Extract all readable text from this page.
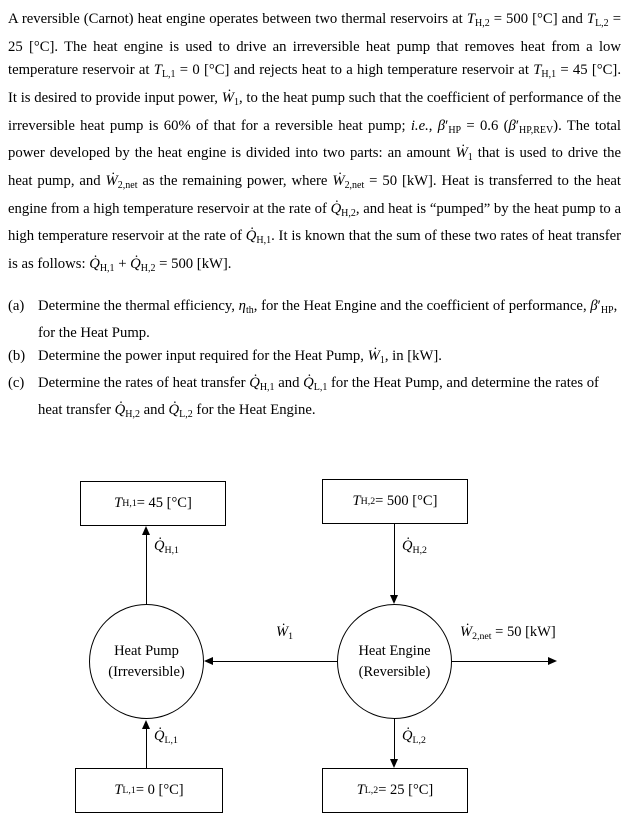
A reversible (Carnot) heat engine operates between two thermal reservoirs at $T_{H,2} = 500$ [°C] and $T_{L,2} = 25$ [°C]. The heat engine is used to drive an irreversible heat pump that removes heat from a low temperature reservoir at $T_{L,1} = 0$ [°C] and rejects heat to a high temperature reservoir at $T_{H,1} = 45$ [°C]. It is desired to provide input power, $Ẇ_1$, to the heat pump such that the coefficient of performance of the irreversible heat pump is 60% of that for a reversible heat pump; i.e., $\beta'_{HP} = 0.6$ $(\beta'_{HP,REV})$. The total power developed by the heat engine is divided into two parts: an amount $Ẇ_1$ that is used to drive the heat pump, and $Ẇ_{2,net}$ as the remaining power, where $Ẇ_{2,net} = 50$ [kW]. Heat is transferred to the heat engine from a high temperature reservoir at the rate of $Q̇_{H,2}$, and heat is “pumped” by the heat pump to a high temperature reservoir at the rate of $Q̇_{H,1}$. It is known that the sum of these two rates of heat transfer is as follows: $Q̇_{H,1}$ + $Q̇_{H,2} = 500$ [kW].

(a) Determine the thermal efficiency, $\eta_{th}$, for the Heat Engine and the coefficient of performance, $\beta'_{HP}$, for the Heat Pump.
(b) Determine the power input required for the Heat Pump, $Ẇ_1$, in [kW].
(c) Determine the rates of heat transfer $Q̇_{H,1}$ and $Q̇_{L,1}$ for the Heat Pump, and determine the rates of heat transfer $Q̇_{H,2}$ and $Q̇_{L,2}$ for the Heat Engine.
T H,1 = 45 [°C]	T H,2 = 500 [°C]
T L,1 = 0 [°C]	T L,2 = 25 [°C]
Heat Pump
(Irreversible)
Heat Engine
(Reversible)
$Q̇_{H,1}$	$Q̇_{H,2}$
$Ẇ_1$	$Ẇ_{2,net} = 50$ [kW]
$Q̇_{L,1}$	$Q̇_{L,2}$
